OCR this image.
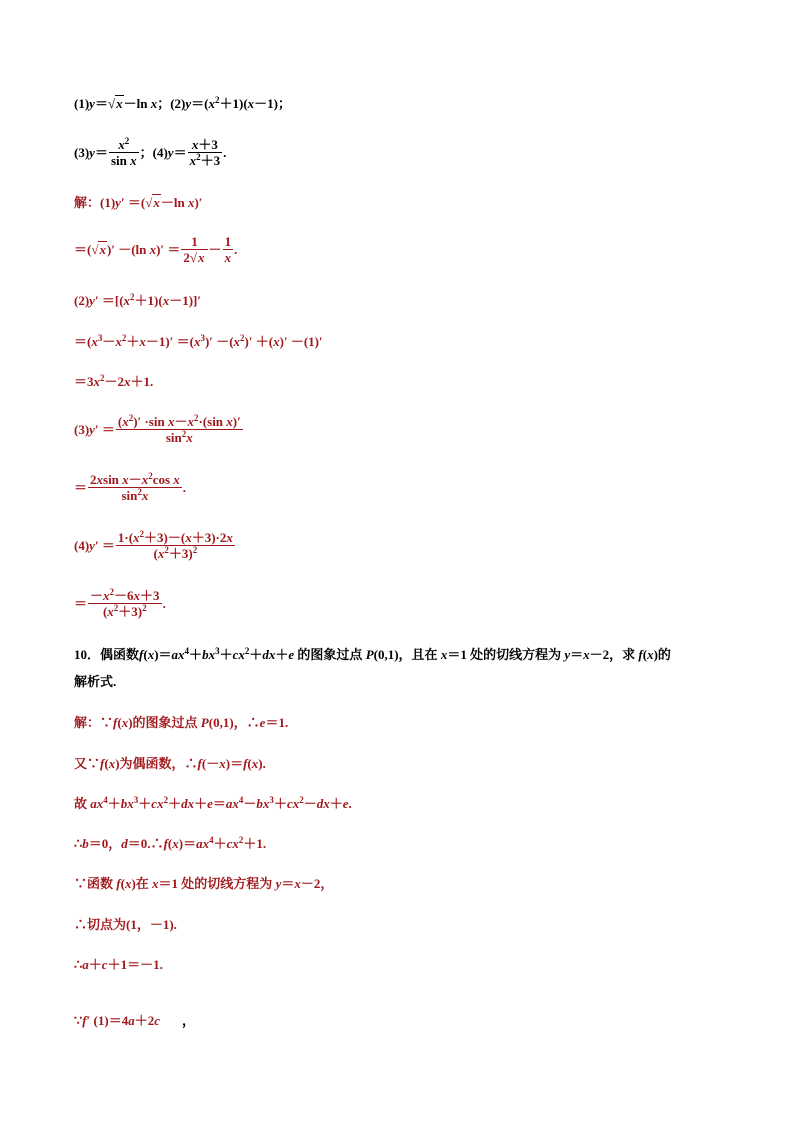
(1)y＝√x－ln x；$(2)y=(x^2+1)(x-1)$；
$(3)y= \frac{x^2}{\text{sin x}}$ ；$(4)y= \frac{x+3}{x^2+3}$ .
解：(1)y′ ＝(√x－ln x)′
＝(√x)′ －(ln $x)' = \frac{1}{2√x} - \frac{1}{x}$ .
$(2)y' =[(x^2+1)(x-1)]'$
$=(x^3-x^2+x-1)' =(x^3)' -(x^2)' +(x)' -(1)'$
$=3x^2-2x+1$.
$(3)y' = \frac{(x^2)' \cdot\sin x-x^2\cdot(\sin x)'}{\sin^2x}$
＝ $\frac{2xsin x-x^2\cos x}{\sin^2x}$ .
$(4)y' = \frac{1\cdot(x^2+3)-(x+3)\cdot 2x}{(x^2+3)^2}$
＝ $\frac{-x^2-6x+3}{(x^2+3)^2}$ .
10．偶函数$f(x)=ax^4+bx^3+cx^2+dx+e$ 的图象过点 P(0,1)，且在 x＝1 处的切线方程为 y＝x－2，求 f(x)的
解析式.
解：∵f(x)的图象过点 P(0,1)，∴e＝1.
又∵f(x)为偶函数，∴f(－x)＝f(x).
故 $ax^4+bx^3+cx^2+dx+e=ax^4-bx^3+cx^2-dx+e$.
∴b＝0，$d=0.\therefore f(x)=ax^4+cx^2+1$.
∵函数 f(x)在 x＝1 处的切线方程为 y＝x－2，
∴切点为(1，－1).
∴a＋c＋1＝－1.
∵f′ (1)＝4a＋2c ，
